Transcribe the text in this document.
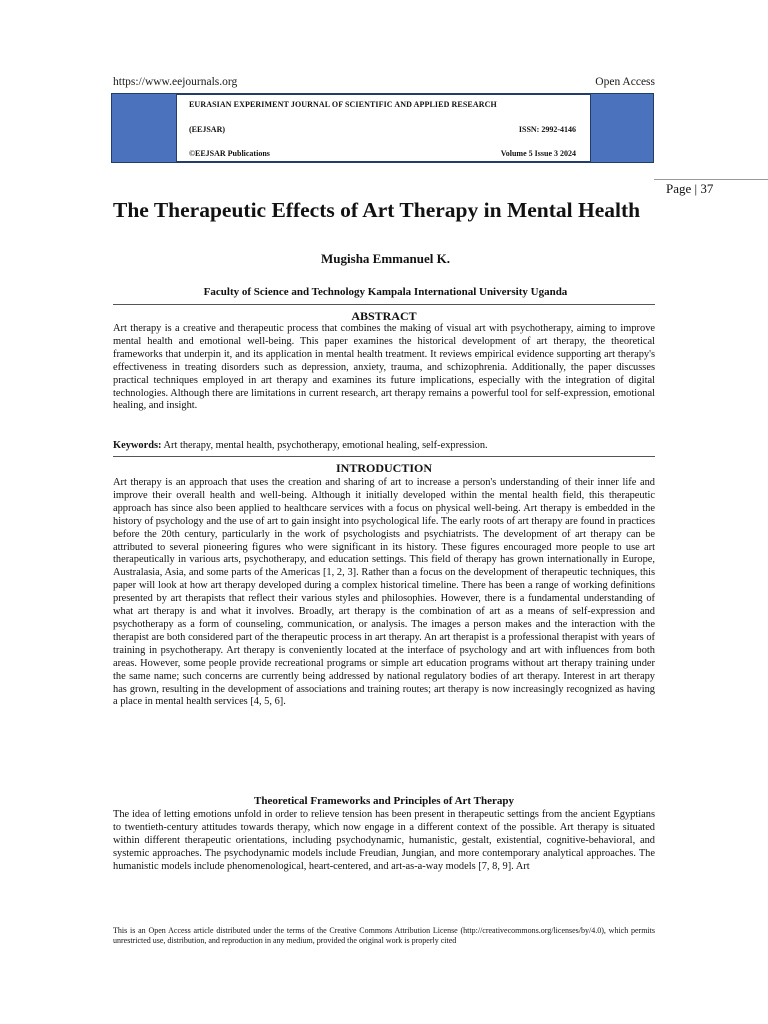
https://www.eejournals.org	Open Access
EURASIAN EXPERIMENT JOURNAL OF SCIENTIFIC AND APPLIED RESEARCH
(EEJSAR)	ISSN: 2992-4146
©EEJSAR Publications	Volume 5 Issue 3 2024
Page | 37
The Therapeutic Effects of Art Therapy in Mental Health
Mugisha Emmanuel K.
Faculty of Science and Technology Kampala International University Uganda
ABSTRACT
Art therapy is a creative and therapeutic process that combines the making of visual art with psychotherapy, aiming to improve mental health and emotional well-being. This paper examines the historical development of art therapy, the theoretical frameworks that underpin it, and its application in mental health treatment. It reviews empirical evidence supporting art therapy's effectiveness in treating disorders such as depression, anxiety, trauma, and schizophrenia. Additionally, the paper discusses practical techniques employed in art therapy and examines its future implications, especially with the integration of digital technologies. Although there are limitations in current research, art therapy remains a powerful tool for self-expression, emotional healing, and insight.
Keywords: Art therapy, mental health, psychotherapy, emotional healing, self-expression.
INTRODUCTION
Art therapy is an approach that uses the creation and sharing of art to increase a person's understanding of their inner life and improve their overall health and well-being. Although it initially developed within the mental health field, this therapeutic approach has since also been applied to healthcare services with a focus on physical well-being. Art therapy is embedded in the history of psychology and the use of art to gain insight into psychological life. The early roots of art therapy are found in practices before the 20th century, particularly in the work of psychologists and psychiatrists. The development of art therapy can be attributed to several pioneering figures who were significant in its history. These figures encouraged more people to use art therapeutically in various arts, psychotherapy, and education settings. This field of therapy has grown internationally in Europe, Australasia, Asia, and some parts of the Americas [1, 2, 3]. Rather than a focus on the development of therapeutic techniques, this paper will look at how art therapy developed during a complex historical timeline. There has been a range of working definitions presented by art therapists that reflect their various styles and philosophies. However, there is a fundamental understanding of what art therapy is and what it involves. Broadly, art therapy is the combination of art as a means of self-expression and psychotherapy as a form of counseling, communication, or analysis. The images a person makes and the interaction with the therapist are both considered part of the therapeutic process in art therapy. An art therapist is a professional therapist with years of training in psychotherapy. Art therapy is conveniently located at the interface of psychology and art with influences from both areas. However, some people provide recreational programs or simple art education programs without art therapy training under the same name; such concerns are currently being addressed by national regulatory bodies of art therapy. Interest in art therapy has grown, resulting in the development of associations and training routes; art therapy is now increasingly recognized as having a place in mental health services [4, 5, 6].
Theoretical Frameworks and Principles of Art Therapy
The idea of letting emotions unfold in order to relieve tension has been present in therapeutic settings from the ancient Egyptians to twentieth-century attitudes towards therapy, which now engage in a different context of the possible. Art therapy is situated within different therapeutic orientations, including psychodynamic, humanistic, gestalt, existential, cognitive-behavioral, and systemic approaches. The psychodynamic models include Freudian, Jungian, and more contemporary analytical approaches. The humanistic models include phenomenological, heart-centered, and art-as-a-way models [7, 8, 9]. Art
This is an Open Access article distributed under the terms of the Creative Commons Attribution License (http://creativecommons.org/licenses/by/4.0), which permits unrestricted use, distribution, and reproduction in any medium, provided the original work is properly cited
